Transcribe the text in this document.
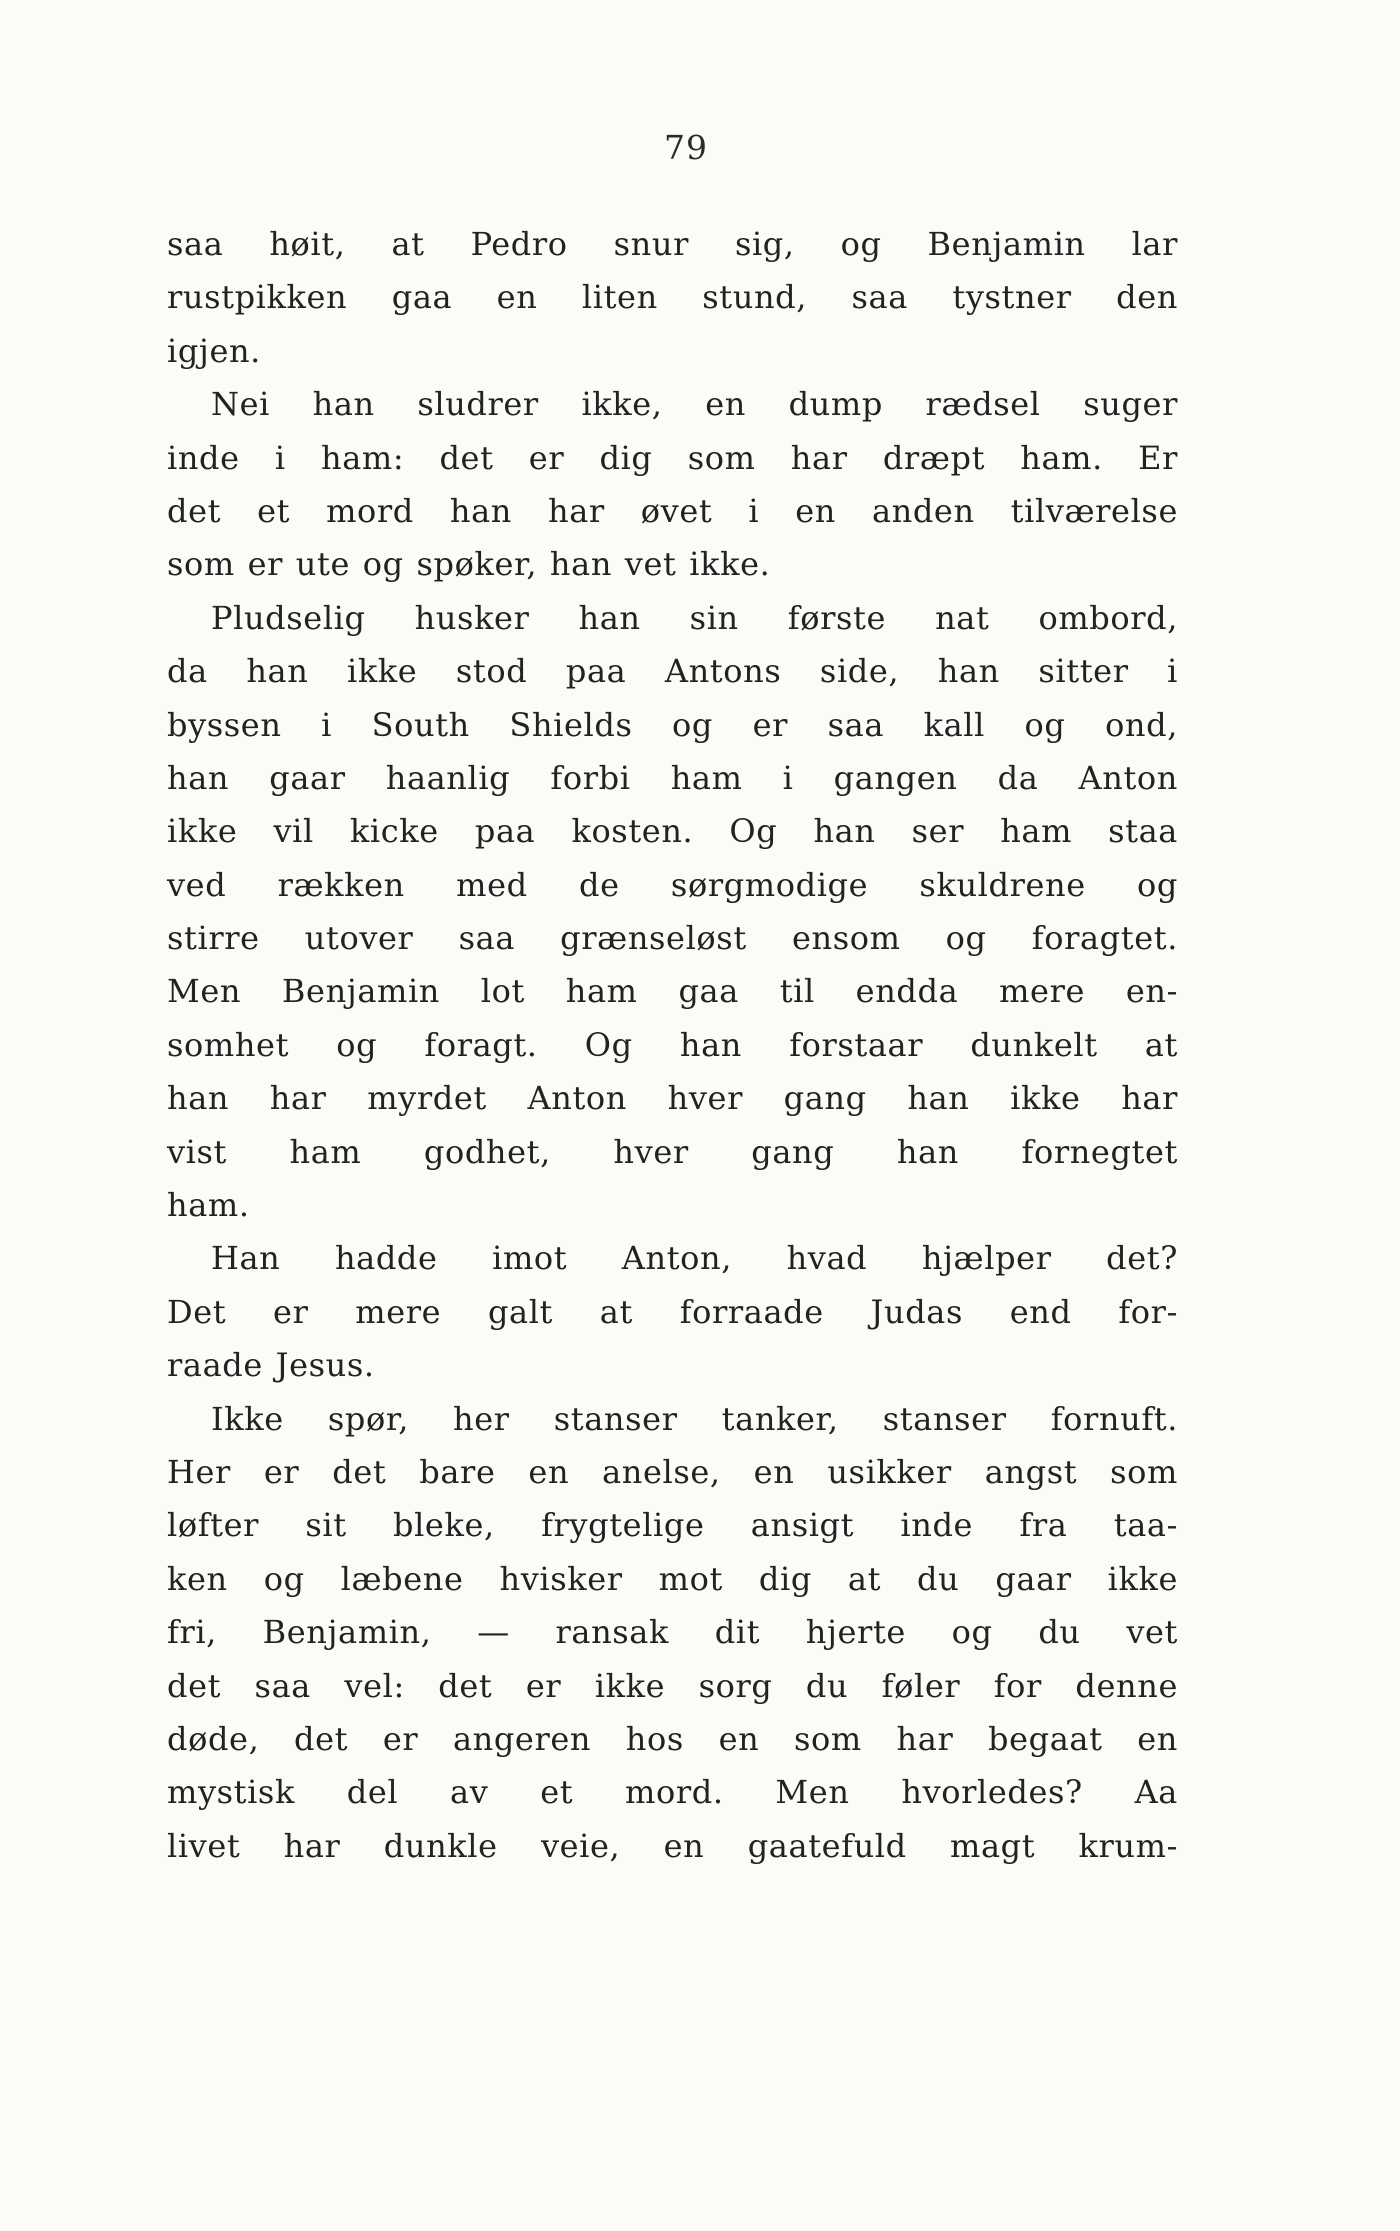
79
saa høit, at Pedro snur sig, og Benjamin lar
rustpikken gaa en liten stund, saa tystner den
igjen.
Nei han sludrer ikke, en dump rædsel suger
inde i ham: det er dig som har dræpt ham. Er
det et mord han har øvet i en anden tilværelse
som er ute og spøker, han vet ikke.
Pludselig husker han sin første nat ombord,
da han ikke stod paa Antons side, han sitter i
byssen i South Shields og er saa kall og ond,
han gaar haanlig forbi ham i gangen da Anton
ikke vil kicke paa kosten. Og han ser ham staa
ved rækken med de sørgmodige skuldrene og
stirre utover saa grænseløst ensom og foragtet.
Men Benjamin lot ham gaa til endda mere en-
somhet og foragt. Og han forstaar dunkelt at
han har myrdet Anton hver gang han ikke har
vist ham godhet, hver gang han fornegtet
ham.
Han hadde imot Anton, hvad hjælper det?
Det er mere galt at forraade Judas end for-
raade Jesus.
Ikke spør, her stanser tanker, stanser fornuft.
Her er det bare en anelse, en usikker angst som
løfter sit bleke, frygtelige ansigt inde fra taa-
ken og læbene hvisker mot dig at du gaar ikke
fri, Benjamin, — ransak dit hjerte og du vet
det saa vel: det er ikke sorg du føler for denne
døde, det er angeren hos en som har begaat en
mystisk del av et mord. Men hvorledes? Aa
livet har dunkle veie, en gaatefuld magt krum-
